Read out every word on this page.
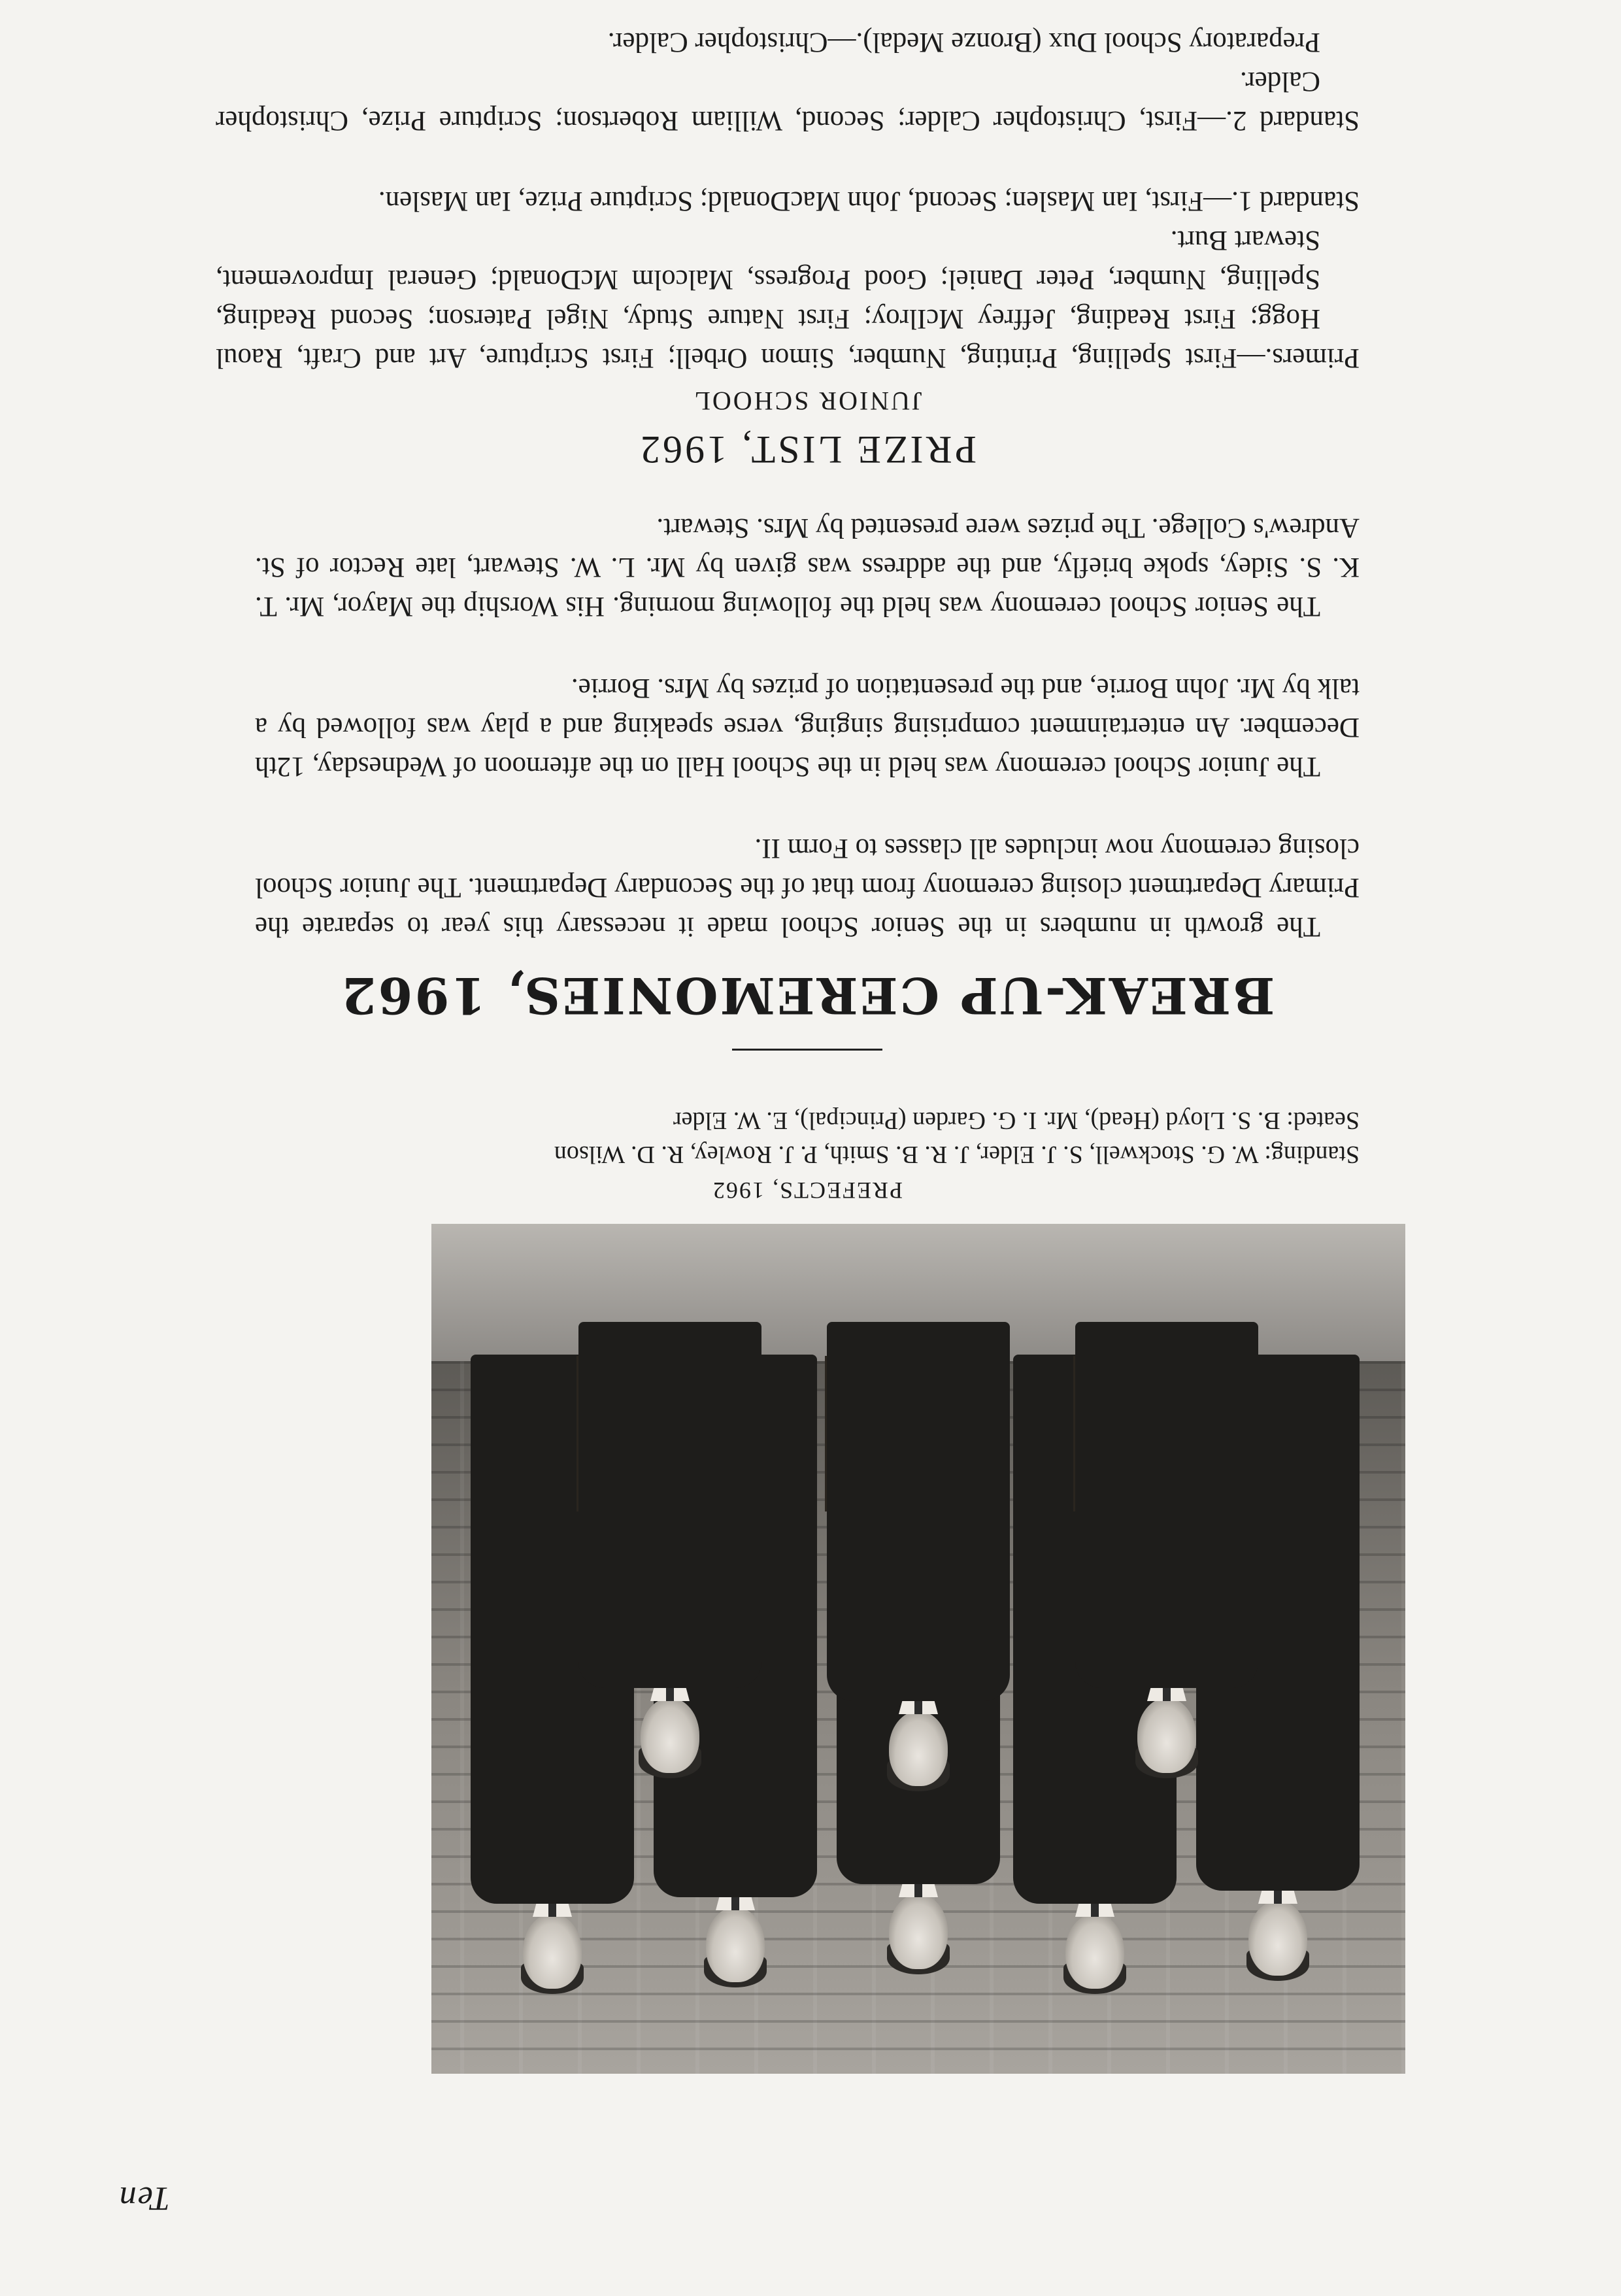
PREFECTS, 1962
Standing: W. G. Stockwell, S. J. Elder, J. R. B. Smith, P. J. Rowley, R. D. Wilson
Seated: B. S. Lloyd (Head), Mr. I. G. Garden (Principal), E. W. Elder
BREAK-UP CEREMONIES, 1962

The growth in numbers in the Senior School made it necessary this year to separate the Primary Department closing ceremony from that of the Secondary Department. The Junior School closing ceremony now includes all classes to Form II.

The Junior School ceremony was held in the School Hall on the afternoon of Wednesday, 12th December. An entertainment comprising singing, verse speaking and a play was followed by a talk by Mr. John Borrie, and the presentation of prizes by Mrs. Borrie.

The Senior School ceremony was held the following morning. His Worship the Mayor, Mr. T. K. S. Sidey, spoke briefly, and the address was given by Mr. L. W. Stewart, late Rector of St. Andrew's College. The prizes were presented by Mrs. Stewart.

PRIZE LIST, 1962
JUNIOR SCHOOL

Primers.—First Spelling, Printing, Number, Simon Orbell; First Scripture, Art and Craft, Raoul Hogg; First Reading, Jeffrey McIlroy; First Nature Study, Nigel Paterson; Second Reading, Spelling, Number, Peter Daniel; Good Progress, Malcolm McDonald; General Improvement, Stewart Burt.

Standard 1.—First, Ian Maslen; Second, John MacDonald; Scripture Prize, Ian Maslen.

Standard 2.—First, Christopher Calder; Second, William Robertson; Scripture Prize, Christopher Calder.

Preparatory School Dux (Bronze Medal).—Christopher Calder.

Ten
